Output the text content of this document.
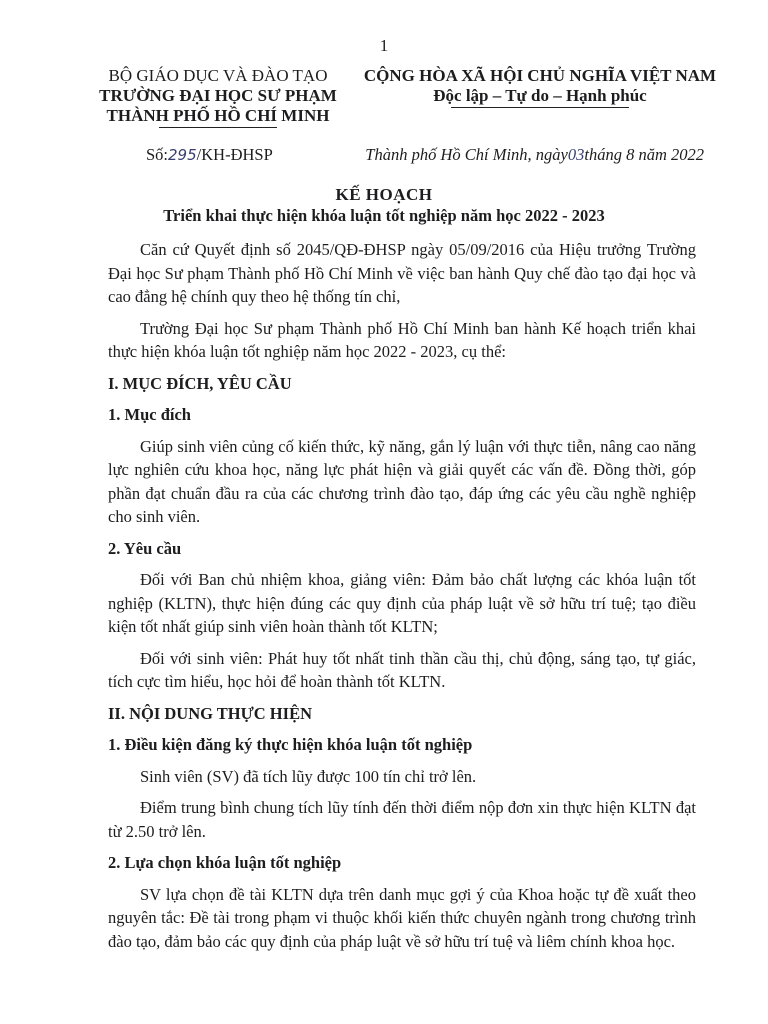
1
BỘ GIÁO DỤC VÀ ĐÀO TẠO
TRƯỜNG ĐẠI HỌC SƯ PHẠM
THÀNH PHỐ HỒ CHÍ MINH
CỘNG HÒA XÃ HỘI CHỦ NGHĨA VIỆT NAM
Độc lập – Tự do – Hạnh phúc
Số:295/KH-ĐHSP	Thành phố Hồ Chí Minh, ngày03tháng 8 năm 2022
KẾ HOẠCH
Triển khai thực hiện khóa luận tốt nghiệp năm học 2022 - 2023

Căn cứ Quyết định số 2045/QĐ-ĐHSP ngày 05/09/2016 của Hiệu trưởng Trường Đại học Sư phạm Thành phố Hồ Chí Minh về việc ban hành Quy chế đào tạo đại học và cao đẳng hệ chính quy theo hệ thống tín chỉ,

Trường Đại học Sư phạm Thành phố Hồ Chí Minh ban hành Kế hoạch triển khai thực hiện khóa luận tốt nghiệp năm học 2022 - 2023, cụ thể:

I. MỤC ĐÍCH, YÊU CẦU

1. Mục đích

Giúp sinh viên củng cố kiến thức, kỹ năng, gắn lý luận với thực tiễn, nâng cao năng lực nghiên cứu khoa học, năng lực phát hiện và giải quyết các vấn đề. Đồng thời, góp phần đạt chuẩn đầu ra của các chương trình đào tạo, đáp ứng các yêu cầu nghề nghiệp cho sinh viên.

2. Yêu cầu

Đối với Ban chủ nhiệm khoa, giảng viên: Đảm bảo chất lượng các khóa luận tốt nghiệp (KLTN), thực hiện đúng các quy định của pháp luật về sở hữu trí tuệ; tạo điều kiện tốt nhất giúp sinh viên hoàn thành tốt KLTN;

Đối với sinh viên: Phát huy tốt nhất tinh thần cầu thị, chủ động, sáng tạo, tự giác, tích cực tìm hiểu, học hỏi để hoàn thành tốt KLTN.

II. NỘI DUNG THỰC HIỆN

1. Điều kiện đăng ký thực hiện khóa luận tốt nghiệp

Sinh viên (SV) đã tích lũy được 100 tín chỉ trở lên.

Điểm trung bình chung tích lũy tính đến thời điểm nộp đơn xin thực hiện KLTN đạt từ 2.50 trở lên.

2. Lựa chọn khóa luận tốt nghiệp

SV lựa chọn đề tài KLTN dựa trên danh mục gợi ý của Khoa hoặc tự đề xuất theo nguyên tắc: Đề tài trong phạm vi thuộc khối kiến thức chuyên ngành trong chương trình đào tạo, đảm bảo các quy định của pháp luật về sở hữu trí tuệ và liêm chính khoa học.
